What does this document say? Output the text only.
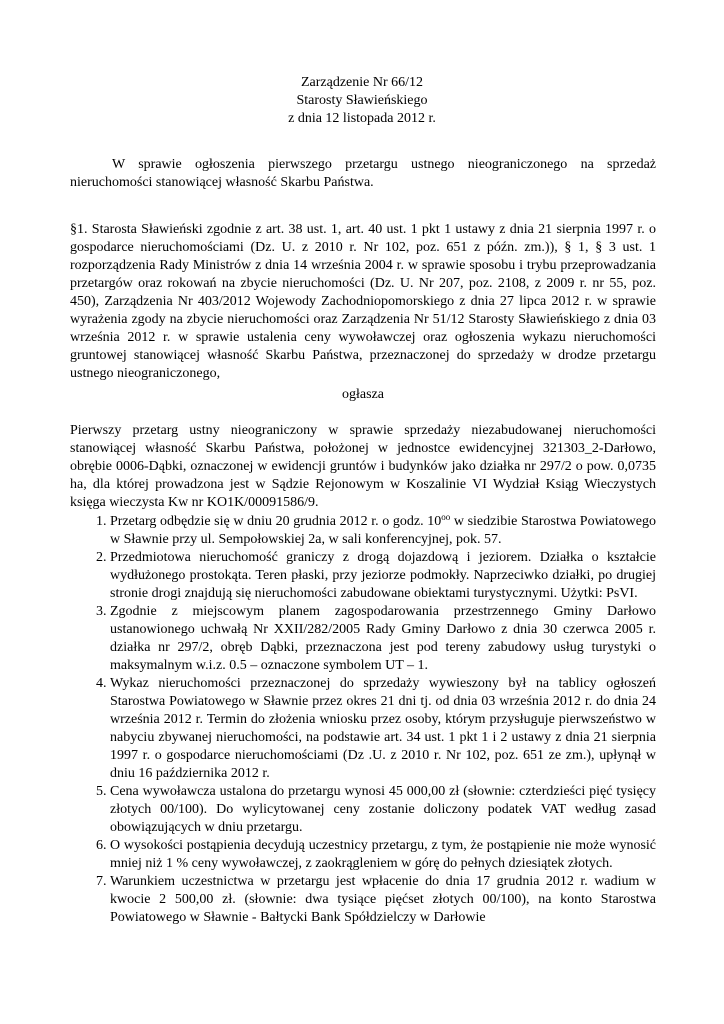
Zarządzenie Nr 66/12
Starosty Sławieńskiego
z dnia 12 listopada 2012 r.
W sprawie ogłoszenia pierwszego przetargu ustnego nieograniczonego na sprzedaż nieruchomości stanowiącej własność Skarbu Państwa.
§1. Starosta Sławieński zgodnie z art. 38 ust. 1, art. 40 ust. 1 pkt 1 ustawy z dnia 21 sierpnia 1997 r. o gospodarce nieruchomościami (Dz. U. z 2010 r. Nr 102, poz. 651 z późn. zm.)), § 1, § 3 ust. 1 rozporządzenia Rady Ministrów z dnia 14 września 2004 r. w sprawie sposobu i trybu przeprowadzania przetargów oraz rokowań na zbycie nieruchomości (Dz. U. Nr 207, poz. 2108, z 2009 r. nr 55, poz. 450), Zarządzenia Nr 403/2012 Wojewody Zachodniopomorskiego z dnia 27 lipca 2012 r. w sprawie wyrażenia zgody na zbycie nieruchomości oraz Zarządzenia Nr 51/12 Starosty Sławieńskiego z dnia 03 września 2012 r. w sprawie ustalenia ceny wywoławczej oraz ogłoszenia wykazu nieruchomości gruntowej stanowiącej własność Skarbu Państwa, przeznaczonej do sprzedaży w drodze przetargu ustnego nieograniczonego,
ogłasza
Pierwszy przetarg ustny nieograniczony w sprawie sprzedaży niezabudowanej nieruchomości stanowiącej własność Skarbu Państwa, położonej w jednostce ewidencyjnej 321303_2-Darłowo, obrębie 0006-Dąbki, oznaczonej w ewidencji gruntów i budynków jako działka nr 297/2 o pow. 0,0735 ha, dla której prowadzona jest w Sądzie Rejonowym w Koszalinie VI Wydział Ksiąg Wieczystych księga wieczysta Kw nr KO1K/00091586/9.
1. Przetarg odbędzie się w dniu 20 grudnia 2012 r. o godz. $10^{oo}$ w siedzibie Starostwa Powiatowego w Sławnie przy ul. Sempołowskiej 2a, w sali konferencyjnej, pok. 57.
2. Przedmiotowa nieruchomość graniczy z drogą dojazdową i jeziorem. Działka o kształcie wydłużonego prostokąta. Teren płaski, przy jeziorze podmokły. Naprzeciwko działki, po drugiej stronie drogi znajdują się nieruchomości zabudowane obiektami turystycznymi. Użytki: PsVI.
3. Zgodnie z miejscowym planem zagospodarowania przestrzennego Gminy Darłowo ustanowionego uchwałą Nr XXII/282/2005 Rady Gminy Darłowo z dnia 30 czerwca 2005 r. działka nr 297/2, obręb Dąbki, przeznaczona jest pod tereny zabudowy usług turystyki o maksymalnym w.i.z. 0.5 – oznaczone symbolem UT – 1.
4. Wykaz nieruchomości przeznaczonej do sprzedaży wywieszony był na tablicy ogłoszeń Starostwa Powiatowego w Sławnie przez okres 21 dni tj. od dnia 03 września 2012 r. do dnia 24 września 2012 r. Termin do złożenia wniosku przez osoby, którym przysługuje pierwszeństwo w nabyciu zbywanej nieruchomości, na podstawie art. 34 ust. 1 pkt 1 i 2 ustawy z dnia 21 sierpnia 1997 r. o gospodarce nieruchomościami (Dz .U. z 2010 r. Nr 102, poz. 651 ze zm.), upłynął w dniu 16 października 2012 r.
5. Cena wywoławcza ustalona do przetargu wynosi 45 000,00 zł (słownie: czterdzieści pięć tysięcy złotych 00/100). Do wylicytowanej ceny zostanie doliczony podatek VAT według zasad obowiązujących w dniu przetargu.
6. O wysokości postąpienia decydują uczestnicy przetargu, z tym, że postąpienie nie może wynosić mniej niż 1 % ceny wywoławczej, z zaokrągleniem w górę do pełnych dziesiątek złotych.
7. Warunkiem uczestnictwa w przetargu jest wpłacenie do dnia 17 grudnia 2012 r. wadium w kwocie 2 500,00 zł. (słownie: dwa tysiące pięćset złotych 00/100), na konto Starostwa Powiatowego w Sławnie - Bałtycki Bank Spółdzielczy w Darłowie
